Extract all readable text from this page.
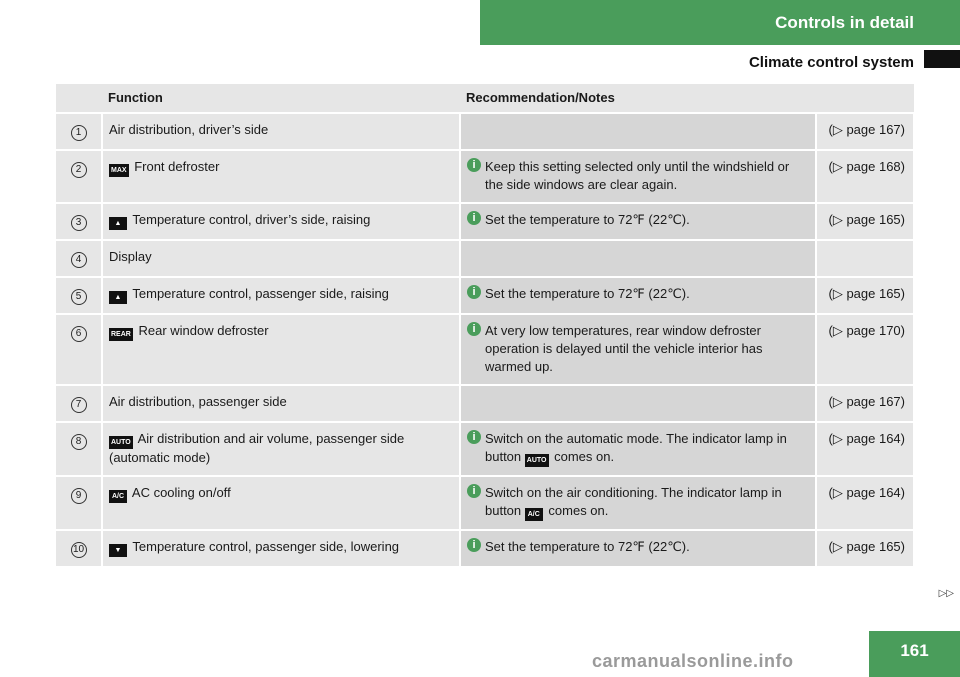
Controls in detail
Climate control system
	Function	Recommendation/Notes	
1	Air distribution, driver’s side		(▷ page 167)
2	MAX Front defroster	i Keep this setting selected only until the windshield or the side windows are clear again.	(▷ page 168)
3	▲ Temperature control, driver’s side, raising	i Set the temperature to 72℉ (22℃).	(▷ page 165)
4	Display		
5	▲ Temperature control, passenger side, raising	i Set the temperature to 72℉ (22℃).	(▷ page 165)
6	REAR Rear window defroster	i At very low temperatures, rear window defroster operation is delayed until the vehicle interior has warmed up.	(▷ page 170)
7	Air distribution, passenger side		(▷ page 167)
8	AUTO Air distribution and air volume, passenger side (automatic mode)	i Switch on the automatic mode. The indicator lamp in button AUTO comes on.	(▷ page 164)
9	A/C AC cooling on/off	i Switch on the air conditioning. The indicator lamp in button A/C comes on.	(▷ page 164)
10	▼ Temperature control, passenger side, lowering	i Set the temperature to 72℉ (22℃).	(▷ page 165)
▷▷
carmanualsonline.info
161
